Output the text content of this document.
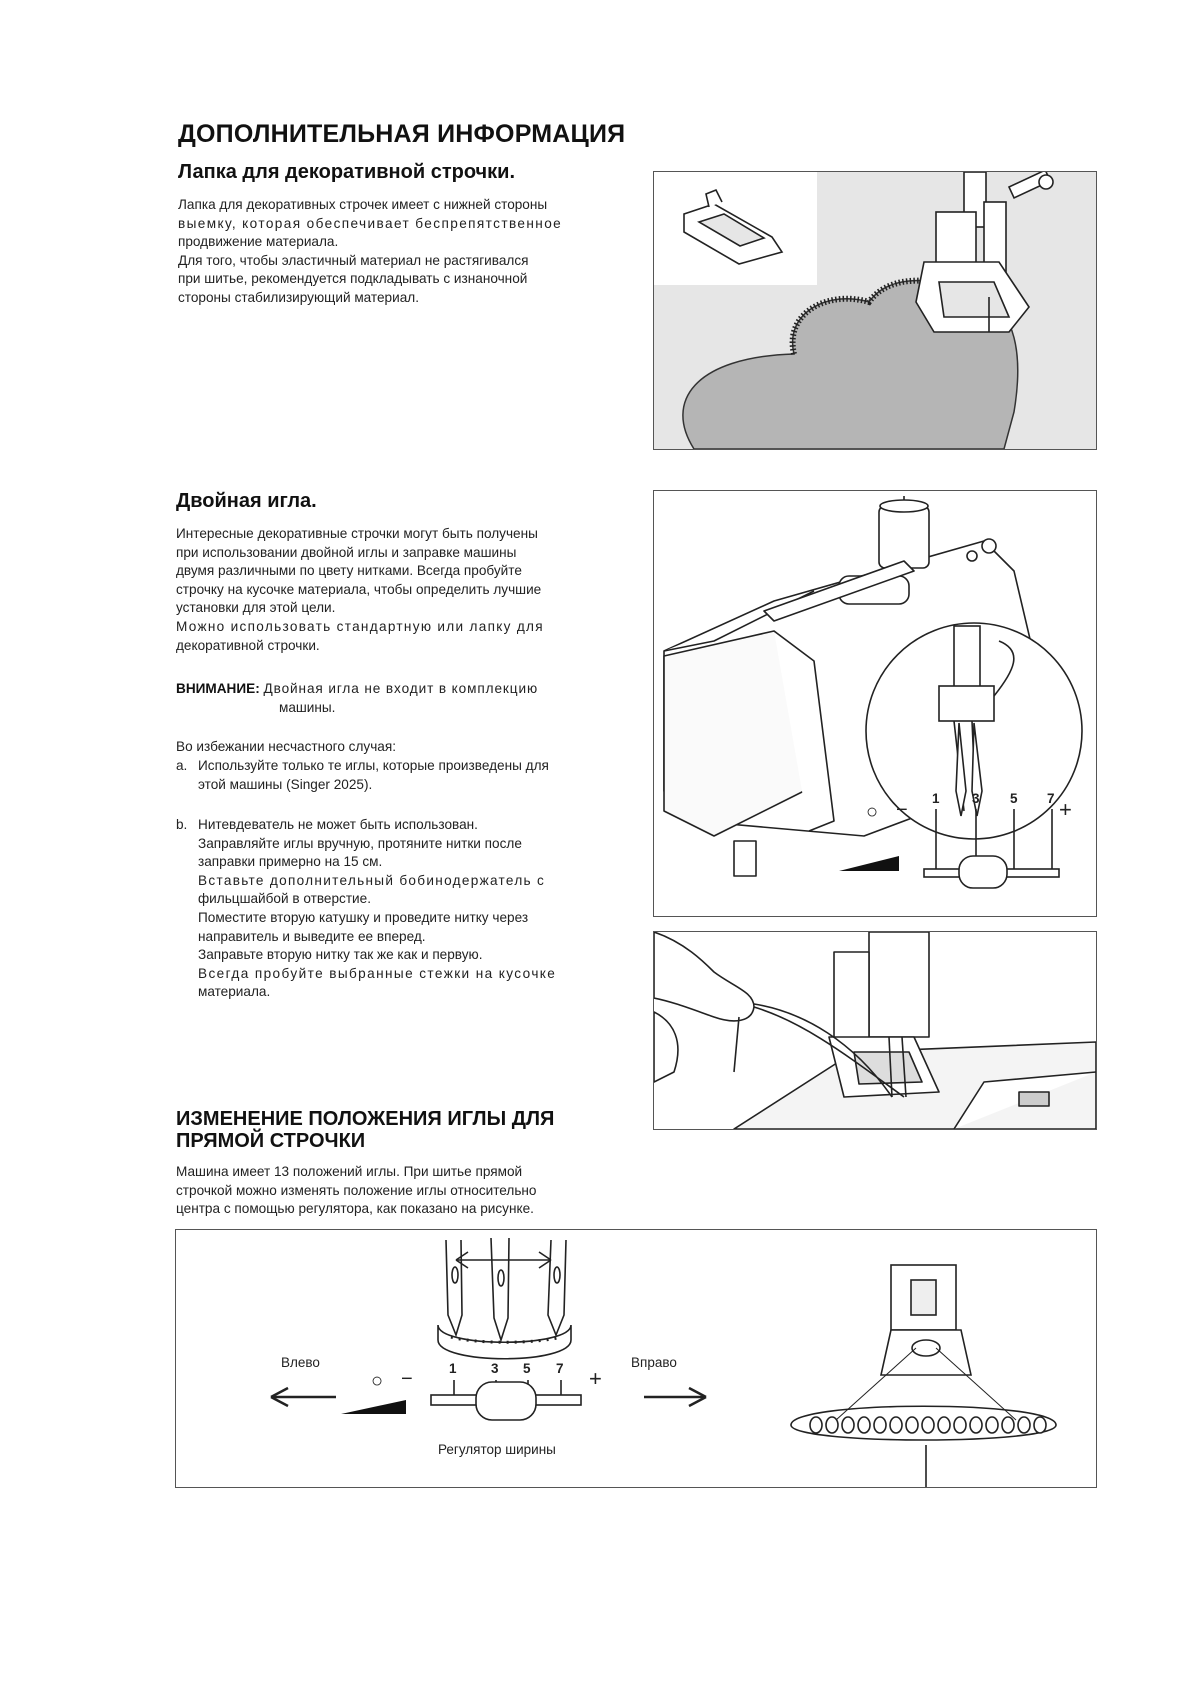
ДОПОЛНИТЕЛЬНАЯ ИНФОРМАЦИЯ
Лапка для декоративной строчки.
Лапка для декоративных строчек имеет с нижней стороны
выемку, которая обеспечивает беспрепятственное
продвижение материала.
Для того, чтобы эластичный материал не растягивался
при шитье, рекомендуется подкладывать с изнаночной
стороны стабилизирующий материал.
Двойная игла.
Интересные декоративные строчки могут быть получены
при использовании двойной иглы и заправке машины
двумя различными по цвету нитками. Всегда пробуйте
строчку на кусочке материала, чтобы определить лучшие
установки для этой цели.
Можно использовать стандартную или лапку для
декоративной строчки.
ВНИМАНИЕ: Двойная игла не входит в комплекцию
машины.
Во избежании несчастного случая:
a. Используйте только те иглы, которые произведены для
этой машины (Singer 2025).
b. Нитевдеватель не может быть использован.
Заправляйте иглы вручную, протяните нитки после
заправки примерно на 15 см.
Вставьте дополнительный бобинодержатель с
фильцшайбой в отверстие.
Поместите вторую катушку и проведите нитку через
направитель и выведите ее вперед.
Заправьте вторую нитку так же как и первую.
Всегда пробуйте выбранные стежки на кусочке
материала.
○ −	+
1 3 5 7
ИЗМЕНЕНИЕ ПОЛОЖЕНИЯ ИГЛЫ ДЛЯ
ПРЯМОЙ СТРОЧКИ
Машина имеет 13 положений иглы. При шитье прямой
строчкой можно изменять положение иглы относительно
центра с помощью регулятора, как показано на рисунке.
Влево	Вправо
Регулятор ширины
○ −	+
1	3 5 7
